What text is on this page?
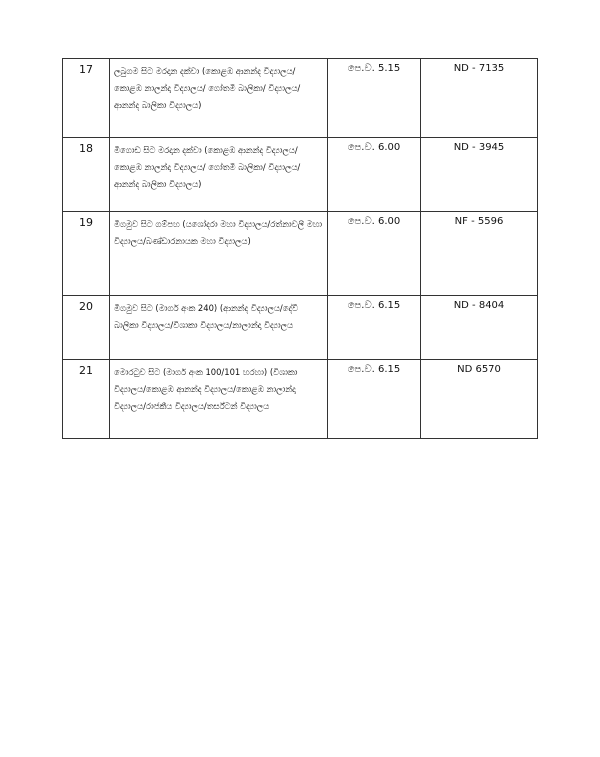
17	ලබුගම සිට මරදාන දක්වා (කොළඹ ආනන්ද විද්‍යාලය/ කොළඹ නාලන්දා විද්‍යාලය/ ගෝතමී බාලිකා/ විද්‍යාලය/ආනන්ද බාලිකා විද්‍යාලය)	පෙ.ව. 5.15	ND - 7135
18	මීගොඩ සිට මරදාන දක්වා (කොළඹ ආනන්ද විද්‍යාලය/ කොළඹ නාලන්දා විද්‍යාලය/ ගෝතමී බාලිකා/ විද්‍යාලය/ආනන්ද බාලිකා විද්‍යාලය)	පෙ.ව. 6.00	ND - 3945
19	මීගමුව සිට ගම්පහ (යශෝදරා මහා විද්‍යාලය/රත්නාවලී මහා විද්‍යාලය/බණ්ඩාරනායක මහා විද්‍යාලය)	පෙ.ව. 6.00	NF - 5596
20	මීගමුව සිට (මාර්ග අංක 240) (ආනන්ද විද්‍යාලය/දේවී බාලිකා විද්‍යාලය/විශාකා විද්‍යාලය/නාලාන්දා විද්‍යාලය	පෙ.ව. 6.15	ND - 8404
21	මොරටුව සිට (මාර්ග අංක 100/101 හරහා) (විශාකා විද්‍යාලය/කොළඹ ආනන්ද විද්‍යාලය/කොළඹ නාලාන්දා විද්‍යාලය/රාජකීය විද්‍යාලය/තර්ස්ටන් විද්‍යාලය	පෙ.ව. 6.15	ND 6570
